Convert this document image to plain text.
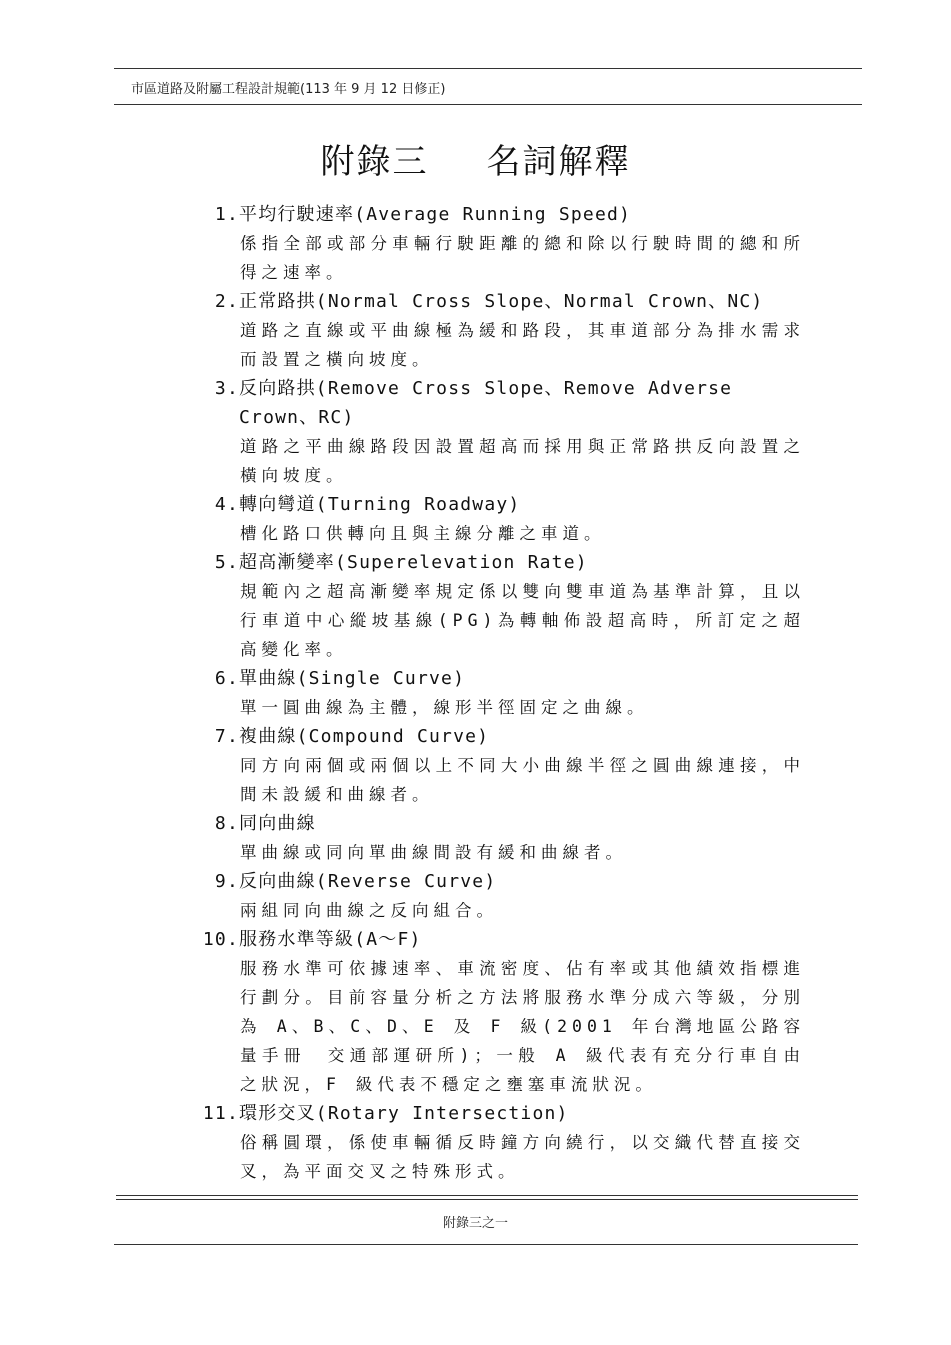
市區道路及附屬工程設計規範(113 年 9 月 12 日修正)
附錄三 名詞解釋
1. 平均行駛速率(Average Running Speed)
係指全部或部分車輛行駛距離的總和除以行駛時間的總和所得之速率。
2. 正常路拱(Normal Cross Slope、Normal Crown、NC)
道路之直線或平曲線極為緩和路段，其車道部分為排水需求而設置之橫向坡度。
3. 反向路拱(Remove Cross Slope、Remove Adverse Crown、RC)
道路之平曲線路段因設置超高而採用與正常路拱反向設置之橫向坡度。
4. 轉向彎道(Turning Roadway)
槽化路口供轉向且與主線分離之車道。
5. 超高漸變率(Superelevation Rate)
規範內之超高漸變率規定係以雙向雙車道為基準計算，且以行車道中心縱坡基線(PG)為轉軸佈設超高時，所訂定之超高變化率。
6. 單曲線(Single Curve)
單一圓曲線為主體，線形半徑固定之曲線。
7. 複曲線(Compound Curve)
同方向兩個或兩個以上不同大小曲線半徑之圓曲線連接，中間未設緩和曲線者。
8. 同向曲線
單曲線或同向單曲線間設有緩和曲線者。
9. 反向曲線(Reverse Curve)
兩組同向曲線之反向組合。
10. 服務水準等級(A～F)
服務水準可依據速率、車流密度、佔有率或其他績效指標進行劃分。目前容量分析之方法將服務水準分成六等級，分別為 A、B、C、D、E 及 F 級(2001 年台灣地區公路容量手冊　交通部運研所)；一般 A 級代表有充分行車自由之狀況，F 級代表不穩定之壅塞車流狀況。
11. 環形交叉(Rotary Intersection)
俗稱圓環，係使車輛循反時鐘方向繞行，以交織代替直接交叉，為平面交叉之特殊形式。
附錄三之一
